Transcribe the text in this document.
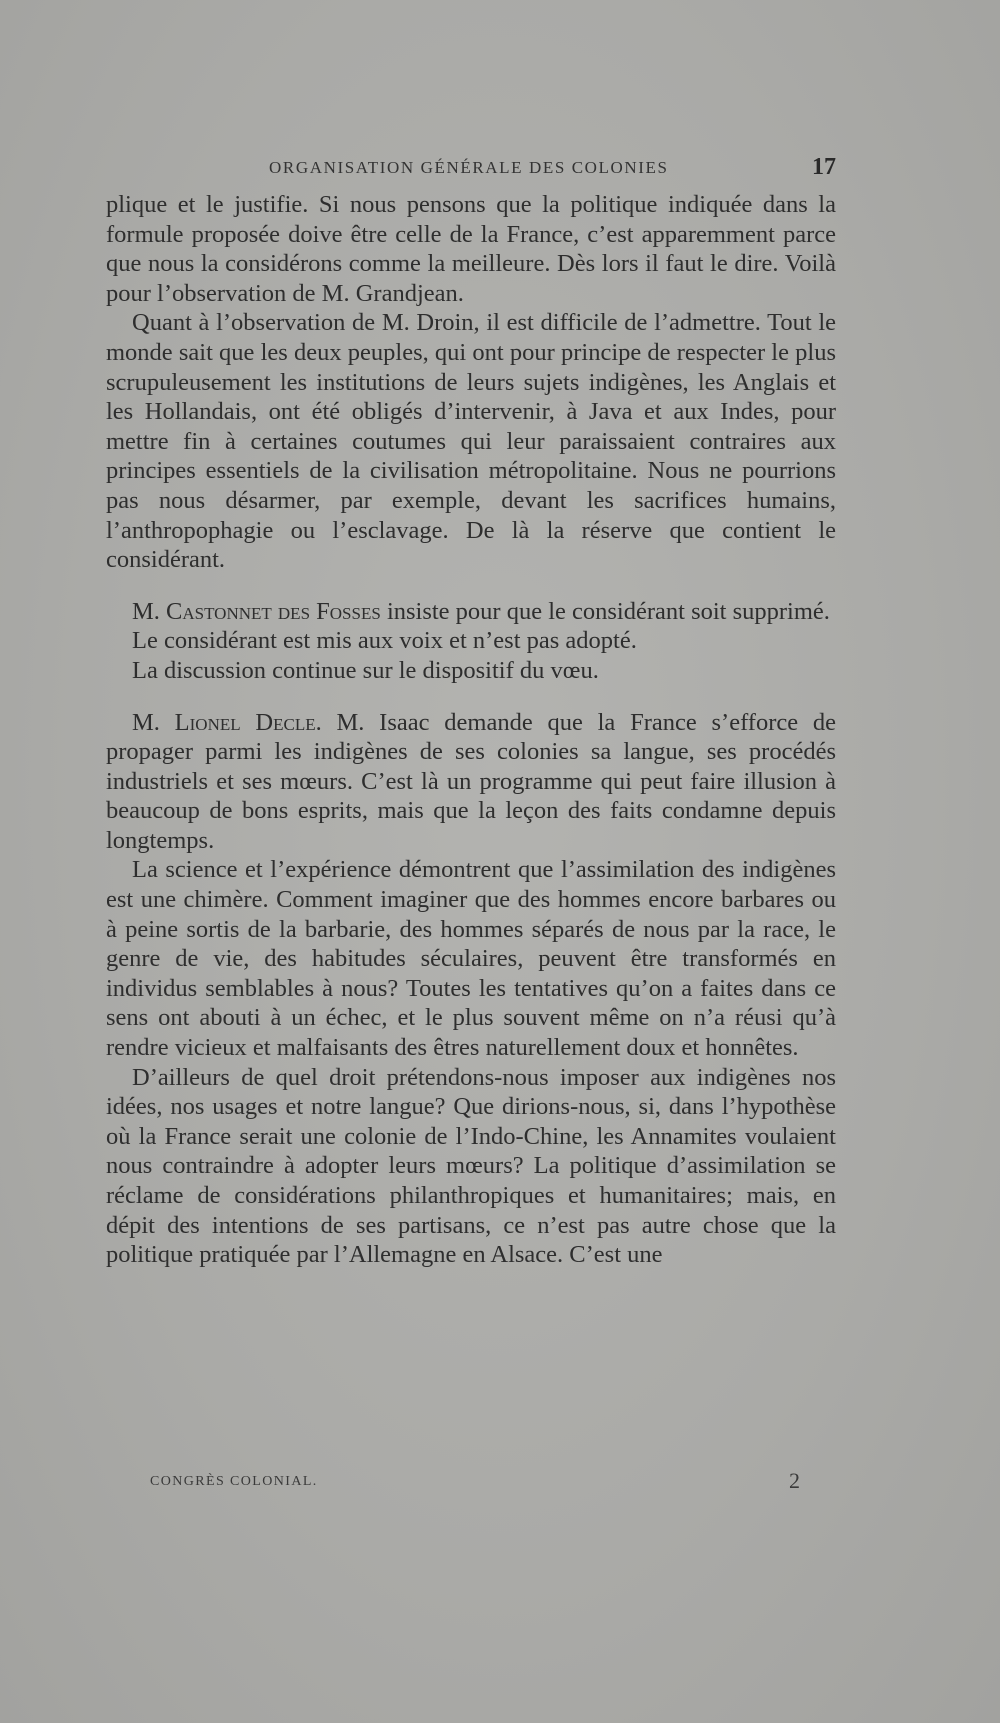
ORGANISATION GÉNÉRALE DES COLONIES	17

plique et le justifie. Si nous pensons que la politique indiquée dans la formule proposée doive être celle de la France, c’est apparemment parce que nous la considérons comme la meilleure. Dès lors il faut le dire. Voilà pour l’observation de M. Grandjean.

Quant à l’observation de M. Droin, il est difficile de l’admettre. Tout le monde sait que les deux peuples, qui ont pour principe de respecter le plus scrupuleusement les institutions de leurs sujets indigènes, les Anglais et les Hollandais, ont été obligés d’intervenir, à Java et aux Indes, pour mettre fin à certaines coutumes qui leur paraissaient contraires aux principes essentiels de la civilisation métropolitaine. Nous ne pourrions pas nous désarmer, par exemple, devant les sacrifices humains, l’anthropophagie ou l’esclavage. De là la réserve que contient le considérant.

M. Castonnet des Fosses insiste pour que le considérant soit supprimé.

Le considérant est mis aux voix et n’est pas adopté.

La discussion continue sur le dispositif du vœu.

M. Lionel Decle. M. Isaac demande que la France s’efforce de propager parmi les indigènes de ses colonies sa langue, ses procédés industriels et ses mœurs. C’est là un programme qui peut faire illusion à beaucoup de bons esprits, mais que la leçon des faits condamne depuis longtemps.

La science et l’expérience démontrent que l’assimilation des indigènes est une chimère. Comment imaginer que des hommes encore barbares ou à peine sortis de la barbarie, des hommes séparés de nous par la race, le genre de vie, des habitudes séculaires, peuvent être transformés en individus semblables à nous? Toutes les tentatives qu’on a faites dans ce sens ont abouti à un échec, et le plus souvent même on n’a réusi qu’à rendre vicieux et malfaisants des êtres naturellement doux et honnêtes.

D’ailleurs de quel droit prétendons-nous imposer aux indigènes nos idées, nos usages et notre langue? Que dirions-nous, si, dans l’hypothèse où la France serait une colonie de l’Indo-Chine, les Annamites voulaient nous contraindre à adopter leurs mœurs? La politique d’assimilation se réclame de considérations philanthropiques et humanitaires; mais, en dépit des intentions de ses partisans, ce n’est pas autre chose que la politique pratiquée par l’Allemagne en Alsace. C’est une

CONGRÈS COLONIAL.	2
